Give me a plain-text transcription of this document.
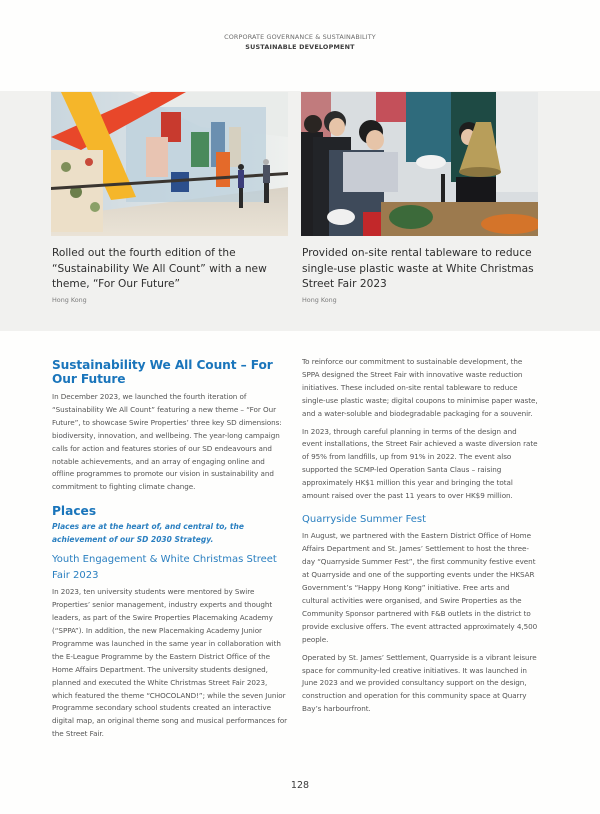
CORPORATE GOVERNANCE & SUSTAINABILITY
SUSTAINABLE DEVELOPMENT
Rolled out the fourth edition of the “Sustainability We All Count” with a new theme, “For Our Future”
Hong Kong
Provided on-site rental tableware to reduce single-use plastic waste at White Christmas Street Fair 2023
Hong Kong
Sustainability We All Count – For Our Future

In December 2023, we launched the fourth iteration of “Sustainability We All Count” featuring a new theme – “For Our Future”, to showcase Swire Properties’ three key SD dimensions: biodiversity, innovation, and wellbeing. The year-long campaign calls for action and features stories of our SD endeavours and notable achievements, and an array of engaging online and offline programmes to promote our vision in sustainability and commitment to fighting climate change.

Places

Places are at the heart of, and central to, the achievement of our SD 2030 Strategy.

Youth Engagement & White Christmas Street Fair 2023

In 2023, ten university students were mentored by Swire Properties’ senior management, industry experts and thought leaders, as part of the Swire Properties Placemaking Academy (“SPPA”). In addition, the new Placemaking Academy Junior Programme was launched in the same year in collaboration with the E-League Programme by the Eastern District Office of the Home Affairs Department. The university students designed, planned and executed the White Christmas Street Fair 2023, which featured the theme “CHOCOLAND!”; while the seven Junior Programme secondary school students created an interactive digital map, an original theme song and musical performances for the Street Fair.

To reinforce our commitment to sustainable development, the SPPA designed the Street Fair with innovative waste reduction initiatives. These included on-site rental tableware to reduce single-use plastic waste; digital coupons to minimise paper waste, and a water-soluble and biodegradable packaging for a souvenir.

In 2023, through careful planning in terms of the design and event installations, the Street Fair achieved a waste diversion rate of 95% from landfills, up from 91% in 2022. The event also supported the SCMP-led Operation Santa Claus – raising approximately HK$1 million this year and bringing the total amount raised over the past 11 years to over HK$9 million.

Quarryside Summer Fest

In August, we partnered with the Eastern District Office of Home Affairs Department and St. James’ Settlement to host the three-day “Quarryside Summer Fest”, the first community festive event at Quarryside and one of the supporting events under the HKSAR Government’s “Happy Hong Kong” initiative. Free arts and cultural activities were organised, and Swire Properties as the Community Sponsor partnered with F&B outlets in the district to provide exclusive offers. The event attracted approximately 4,500 people.

Operated by St. James’ Settlement, Quarryside is a vibrant leisure space for community-led creative initiatives. It was launched in June 2023 and we provided consultancy support on the design, construction and operation for this community space at Quarry Bay’s harbourfront.

128
